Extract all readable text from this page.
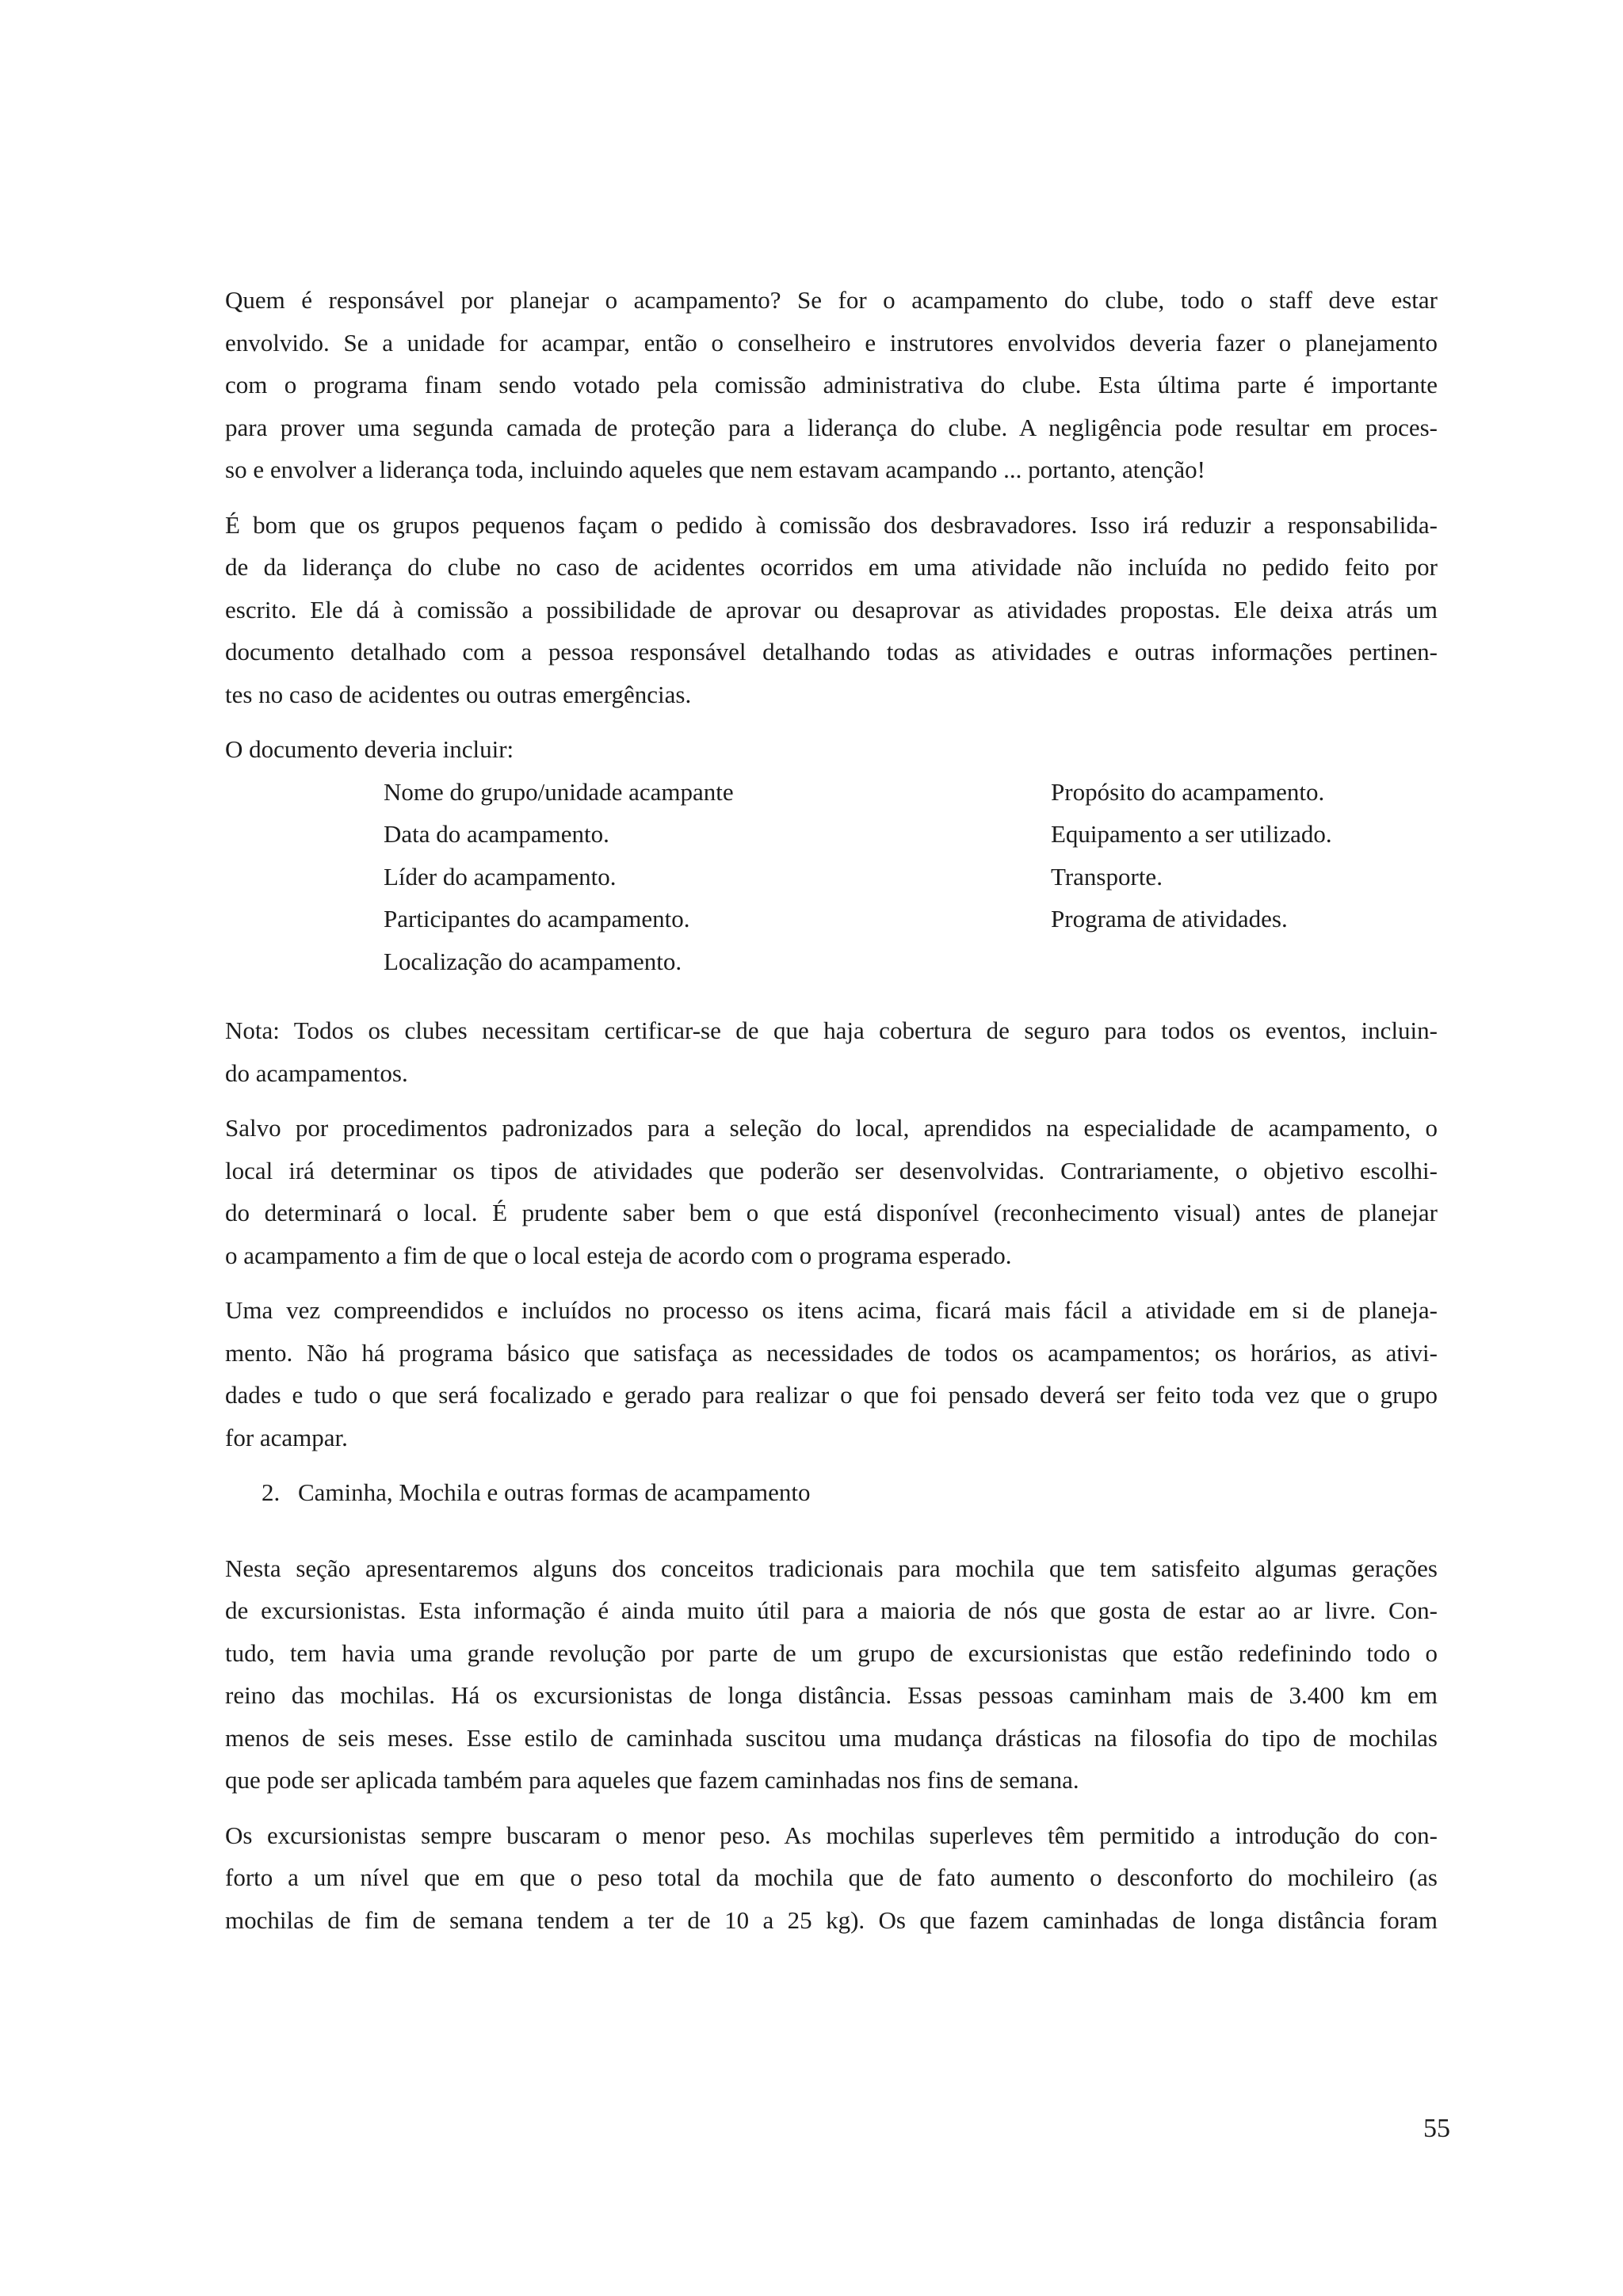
Quem é responsável por planejar o acampamento? Se for o acampamento do clube, todo o staff deve estar
envolvido. Se a unidade for acampar, então o conselheiro e instrutores envolvidos deveria fazer o planejamento
com o programa finam sendo votado pela comissão administrativa do clube. Esta última parte é importante
para prover uma segunda camada de proteção para a liderança do clube. A negligência pode resultar em proces-
so e envolver a liderança toda, incluindo aqueles que nem estavam acampando ... portanto, atenção!

É bom que os grupos pequenos façam o pedido à comissão dos desbravadores. Isso irá reduzir a responsabilida-
de da liderança do clube no caso de acidentes ocorridos em uma atividade não incluída no pedido feito por
escrito. Ele dá à comissão a possibilidade de aprovar ou desaprovar as atividades propostas. Ele deixa atrás um
documento detalhado com a pessoa responsável detalhando todas as atividades e outras informações pertinen-
tes no caso de acidentes ou outras emergências.

O documento deveria incluir:

Nome do grupo/unidade acampante
Data do acampamento.
Líder do acampamento.
Participantes do acampamento.
Localização do acampamento.
Propósito do acampamento.
Equipamento a ser utilizado.
Transporte.
Programa de atividades.

Nota: Todos os clubes necessitam certificar-se de que haja cobertura de seguro para todos os eventos, incluin-
do acampamentos.

Salvo por procedimentos padronizados para a seleção do local, aprendidos na especialidade de acampamento, o
local irá determinar os tipos de atividades que poderão ser desenvolvidas. Contrariamente, o objetivo escolhi-
do determinará o local. É prudente saber bem o que está disponível (reconhecimento visual) antes de planejar
o acampamento a fim de que o local esteja de acordo com o programa esperado.

Uma vez compreendidos e incluídos no processo os itens acima, ficará mais fácil a atividade em si de planeja-
mento. Não há programa básico que satisfaça as necessidades de todos os acampamentos; os horários, as ativi-
dades e tudo o que será focalizado e gerado para realizar o que foi pensado deverá ser feito toda vez que o grupo
for acampar.

2. Caminha, Mochila e outras formas de acampamento

Nesta seção apresentaremos alguns dos conceitos tradicionais para mochila que tem satisfeito algumas gerações
de excursionistas. Esta informação é ainda muito útil para a maioria de nós que gosta de estar ao ar livre. Con-
tudo, tem havia uma grande revolução por parte de um grupo de excursionistas que estão redefinindo todo o
reino das mochilas. Há os excursionistas de longa distância. Essas pessoas caminham mais de 3.400 km em
menos de seis meses. Esse estilo de caminhada suscitou uma mudança drásticas na filosofia do tipo de mochilas
que pode ser aplicada também para aqueles que fazem caminhadas nos fins de semana.

Os excursionistas sempre buscaram o menor peso. As mochilas superleves têm permitido a introdução do con-
forto a um nível que em que o peso total da mochila que de fato aumento o desconforto do mochileiro (as
mochilas de fim de semana tendem a ter de 10 a 25 kg). Os que fazem caminhadas de longa distância foram

55
